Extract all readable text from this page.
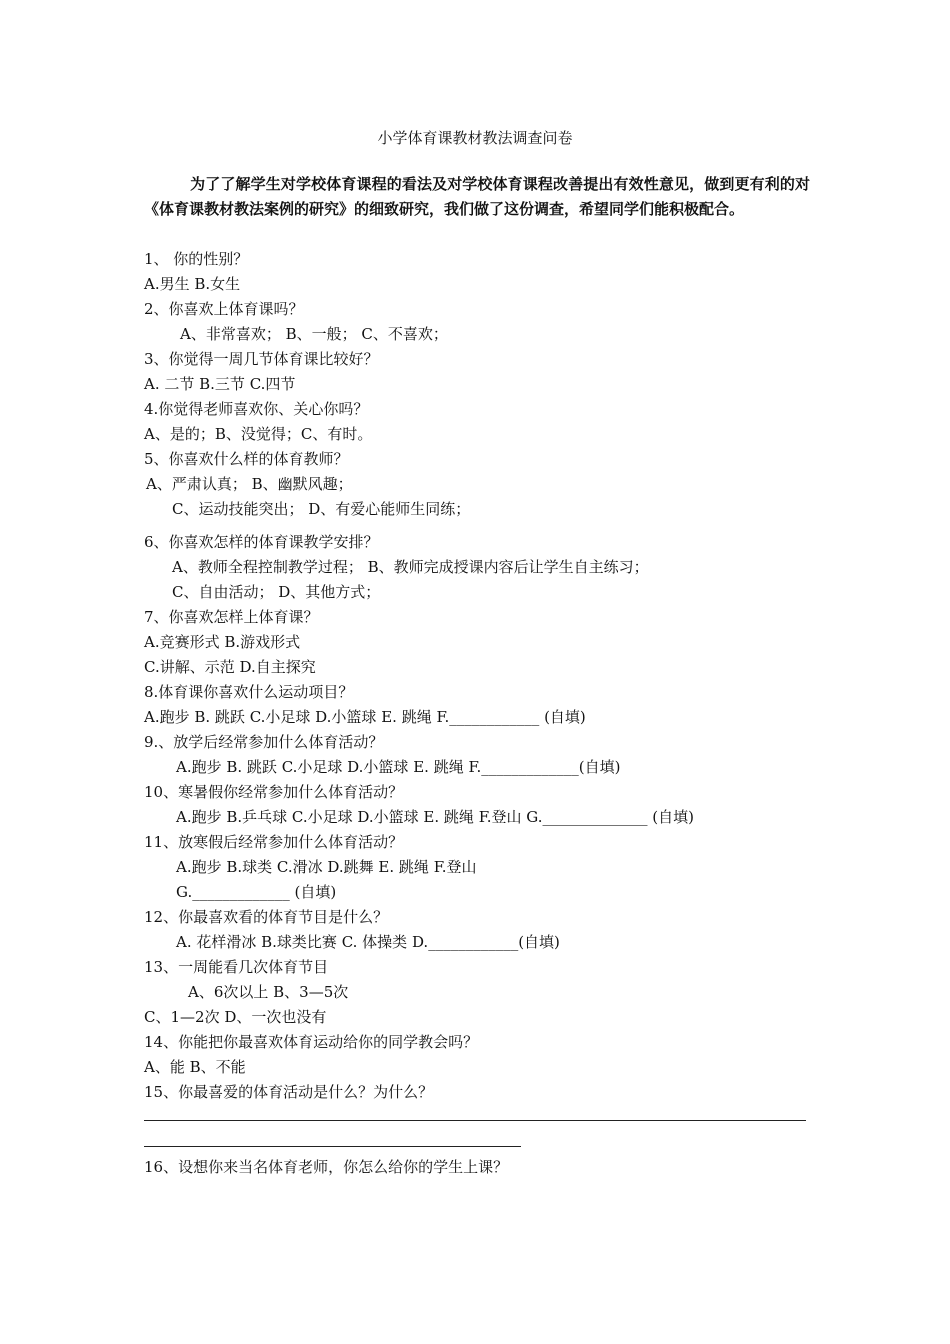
小学体育课教材教法调查问卷
为了了解学生对学校体育课程的看法及对学校体育课程改善提出有效性意见，做到更有利的对《体育课教材教法案例的研究》的细致研究，我们做了这份调查，希望同学们能积极配合。
1、 你的性别？
A.男生 B.女生
2、你喜欢上体育课吗？
A、非常喜欢； B、一般； C、不喜欢；
3、你觉得一周几节体育课比较好？
A. 二节 B.三节 C.四节
4.你觉得老师喜欢你、关心你吗？
A、是的；B、没觉得；C、有时。
5、你喜欢什么样的体育教师？
A、严肃认真； B、幽默风趣；
C、运动技能突出； D、有爱心能师生同练；
6、你喜欢怎样的体育课教学安排？
A、教师全程控制教学过程； B、教师完成授课内容后让学生自主练习；
C、自由活动； D、其他方式；
7、你喜欢怎样上体育课？
A.竞赛形式 B.游戏形式
C.讲解、示范 D.自主探究
8.体育课你喜欢什么运动项目？
A.跑步 B. 跳跃 C.小足球 D.小篮球 E. 跳绳 F.____________ (自填)
9.、放学后经常参加什么体育活动？
A.跑步 B. 跳跃 C.小足球 D.小篮球 E. 跳绳 F._____________(自填)
10、寒暑假你经常参加什么体育活动？
A.跑步 B.乒乓球 C.小足球 D.小篮球 E. 跳绳 F.登山 G.______________ (自填)
11、放寒假后经常参加什么体育活动？
A.跑步 B.球类 C.滑冰 D.跳舞 E. 跳绳 F.登山
G._____________ (自填)
12、你最喜欢看的体育节目是什么？
A. 花样滑冰 B.球类比赛 C. 体操类 D.____________(自填)
13、一周能看几次体育节目
A、6次以上 B、3—5次
C、1—2次 D、一次也没有
14、你能把你最喜欢体育运动给你的同学教会吗？
A、能 B、不能
15、你最喜爱的体育活动是什么？为什么？
16、设想你来当名体育老师，你怎么给你的学生上课？
